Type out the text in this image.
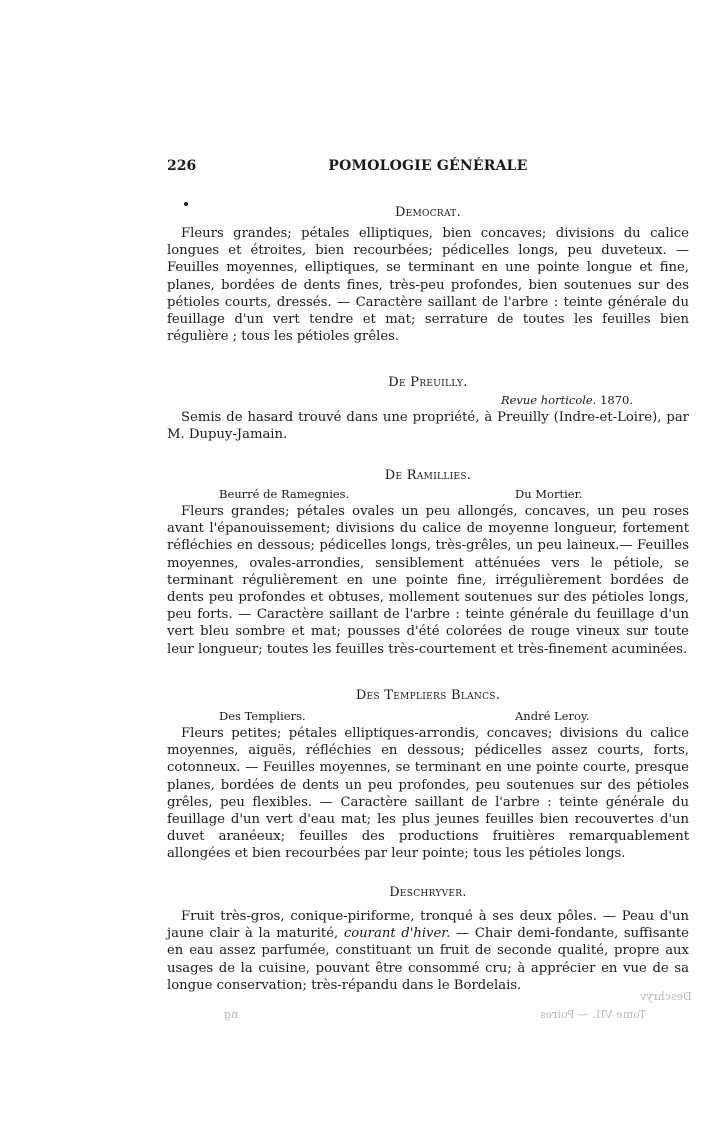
226	POMOLOGIE GÉNÉRALE
Democrat.
Fleurs grandes; pétales elliptiques, bien concaves; divisions du calice longues et étroites, bien recourbées; pédicelles longs, peu duveteux. — Feuilles moyennes, elliptiques, se terminant en une pointe longue et fine, planes, bordées de dents fines, très-peu profondes, bien soutenues sur des pétioles courts, dressés. — Caractère saillant de l'arbre : teinte générale du feuillage d'un vert tendre et mat; serrature de toutes les feuilles bien régulière ; tous les pétioles grêles.
De Preuilly.
Revue horticole. 1870.
Semis de hasard trouvé dans une propriété, à Preuilly (Indre-et-Loire), par M. Dupuy-Jamain.
De Ramillies.
Beurré de Ramegnies.	Du Mortier.
Fleurs grandes; pétales ovales un peu allongés, concaves, un peu roses avant l'épanouissement; divisions du calice de moyenne longueur, fortement réfléchies en dessous; pédicelles longs, très-grêles, un peu laineux.— Feuilles moyennes, ovales-arrondies, sensiblement atténuées vers le pétiole, se terminant régulièrement en une pointe fine, irrégulièrement bordées de dents peu profondes et obtuses, mollement soutenues sur des pétioles longs, peu forts. — Caractère saillant de l'arbre : teinte générale du feuillage d'un vert bleu sombre et mat; pousses d'été colorées de rouge vineux sur toute leur longueur; toutes les feuilles très-courtement et très-finement acuminées.
Des Templiers Blancs.
Des Templiers.	André Leroy.
Fleurs petites; pétales elliptiques-arrondis, concaves; divisions du calice moyennes, aiguës, réfléchies en dessous; pédicelles assez courts, forts, cotonneux. — Feuilles moyennes, se terminant en une pointe courte, presque planes, bordées de dents un peu profondes, peu soutenues sur des pétioles grêles, peu flexibles. — Caractère saillant de l'arbre : teinte générale du feuillage d'un vert d'eau mat; les plus jeunes feuilles bien recouvertes d'un duvet aranéeux; feuilles des productions fruitières remarquablement allongées et bien recourbées par leur pointe; tous les pétioles longs.
Deschryver.
Fruit très-gros, conique-piriforme, tronqué à ses deux pôles. — Peau d'un jaune clair à la maturité, courant d'hiver. — Chair demi-fondante, suffisante en eau assez parfumée, constituant un fruit de seconde qualité, propre aux usages de la cuisine, pouvant être consommé cru; à apprécier en vue de sa longue conservation; très-répandu dans le Bordelais.
Deschryv
ng	Tome VII. — Poires
